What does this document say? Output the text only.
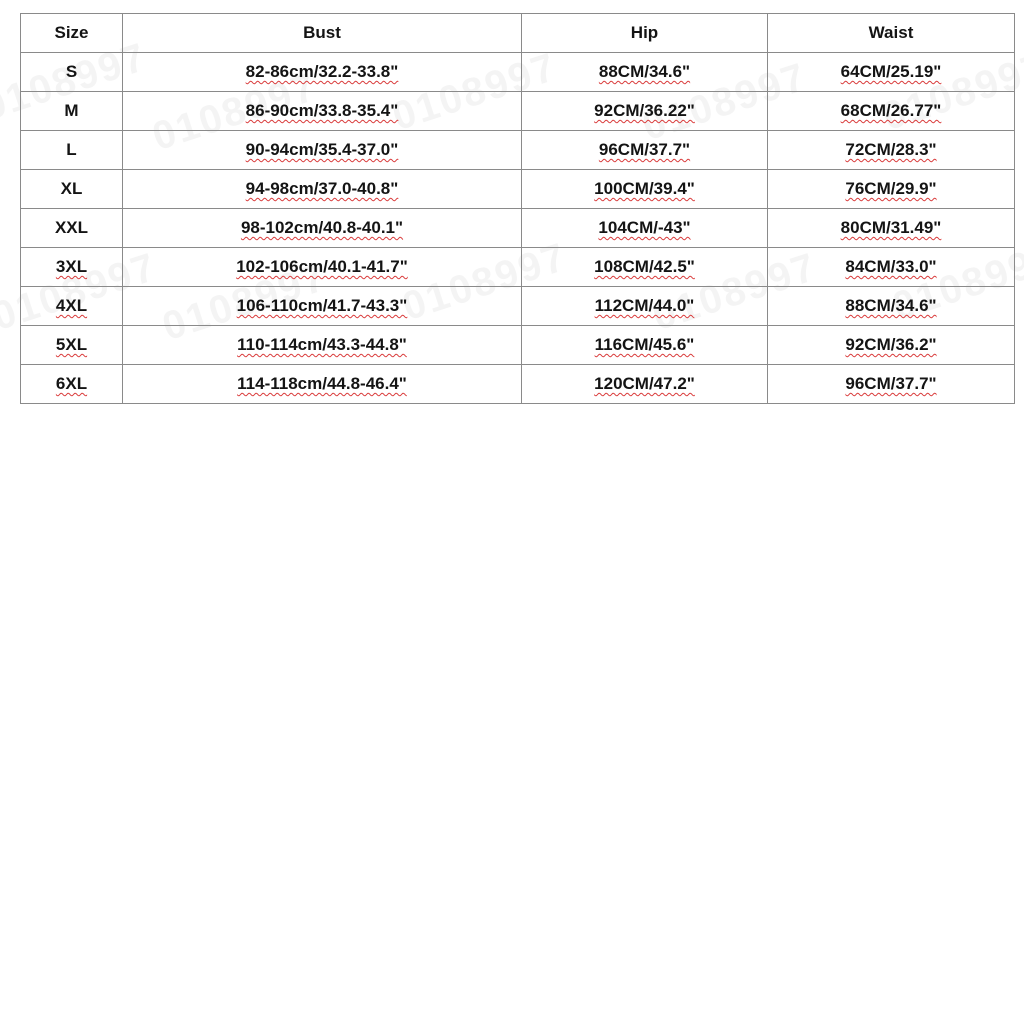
Size	Bust	Hip	Waist
S	82-86cm/32.2-33.8"	88CM/34.6"	64CM/25.19"
M	86-90cm/33.8-35.4"	92CM/36.22"	68CM/26.77"
L	90-94cm/35.4-37.0"	96CM/37.7"	72CM/28.3"
XL	94-98cm/37.0-40.8"	100CM/39.4"	76CM/29.9"
XXL	98-102cm/40.8-40.1"	104CM/-43"	80CM/31.49"
3XL	102-106cm/40.1-41.7"	108CM/42.5"	84CM/33.0"
4XL	106-110cm/41.7-43.3"	112CM/44.0"	88CM/34.6"
5XL	110-114cm/43.3-44.8"	116CM/45.6"	92CM/36.2"
6XL	114-118cm/44.8-46.4"	120CM/47.2"	96CM/37.7"
